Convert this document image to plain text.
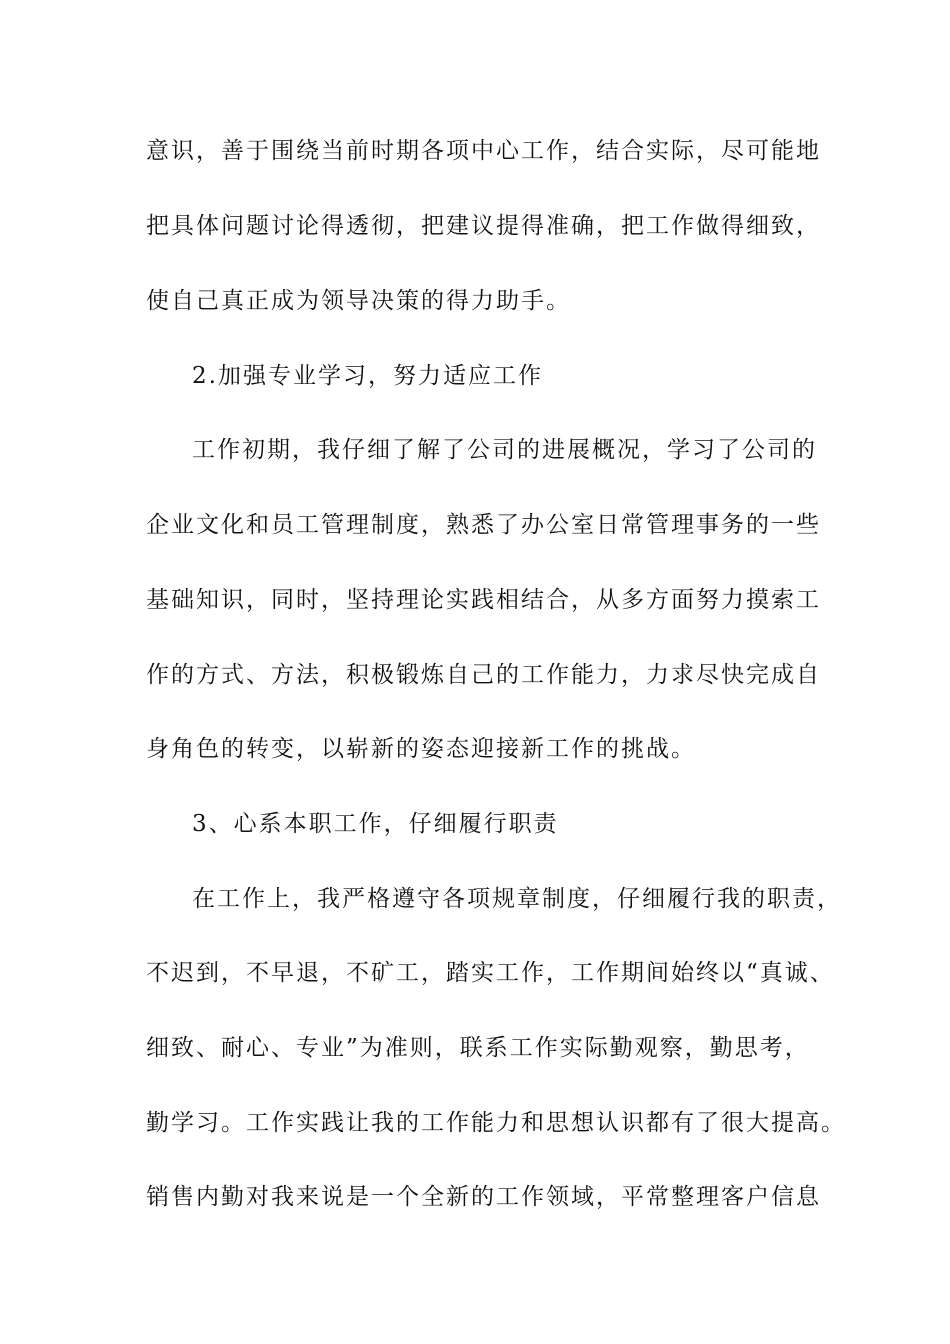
意识，善于围绕当前时期各项中心工作，结合实际，尽可能地
把具体问题讨论得透彻，把建议提得准确，把工作做得细致，
使自己真正成为领导决策的得力助手。
2.加强专业学习，努力适应工作
工作初期，我仔细了解了公司的进展概况，学习了公司的
企业文化和员工管理制度，熟悉了办公室日常管理事务的一些
基础知识，同时，坚持理论实践相结合，从多方面努力摸索工
作的方式、方法，积极锻炼自己的工作能力，力求尽快完成自
身角色的转变，以崭新的姿态迎接新工作的挑战。
3、心系本职工作，仔细履行职责
在工作上，我严格遵守各项规章制度，仔细履行我的职责，
不迟到，不早退，不矿工，踏实工作，工作期间始终以“真诚、
细致、耐心、专业”为准则，联系工作实际勤观察，勤思考，
勤学习。工作实践让我的工作能力和思想认识都有了很大提高。
销售内勤对我来说是一个全新的工作领域，平常整理客户信息
